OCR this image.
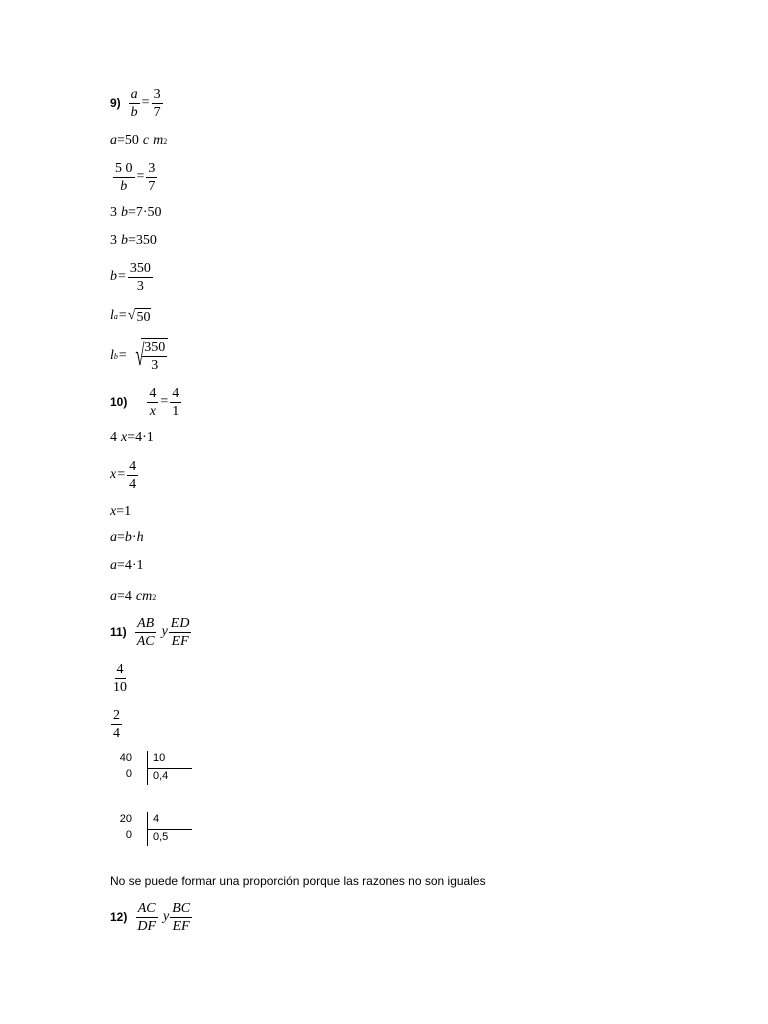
$9) \frac{a}{b} = \frac{3}{7}$
a =50 c m 2
$\frac{5 0}{b} = \frac{3}{7}$
3 b =7·50
3 b =350
$b = \frac{350}{3}$
l a = √ 50
l b = √
$\frac{350}{3}$
$10) \frac{4}{x} = \frac{4}{1}$
4 x =4·1
$x = \frac{4}{4}$
x =1
a = b · h
a =4·1
a =4 c m 2
$11) \frac{AB}{AC}$ y $\frac{ED}{EF}$
$\frac{4}{10}$
$\frac{2}{4}$
40
0
10
0,4
20
0
4
0,5
No se puede formar una proporción porque las razones no son iguales
$12) \frac{AC}{DF}$ y $\frac{BC}{EF}$
